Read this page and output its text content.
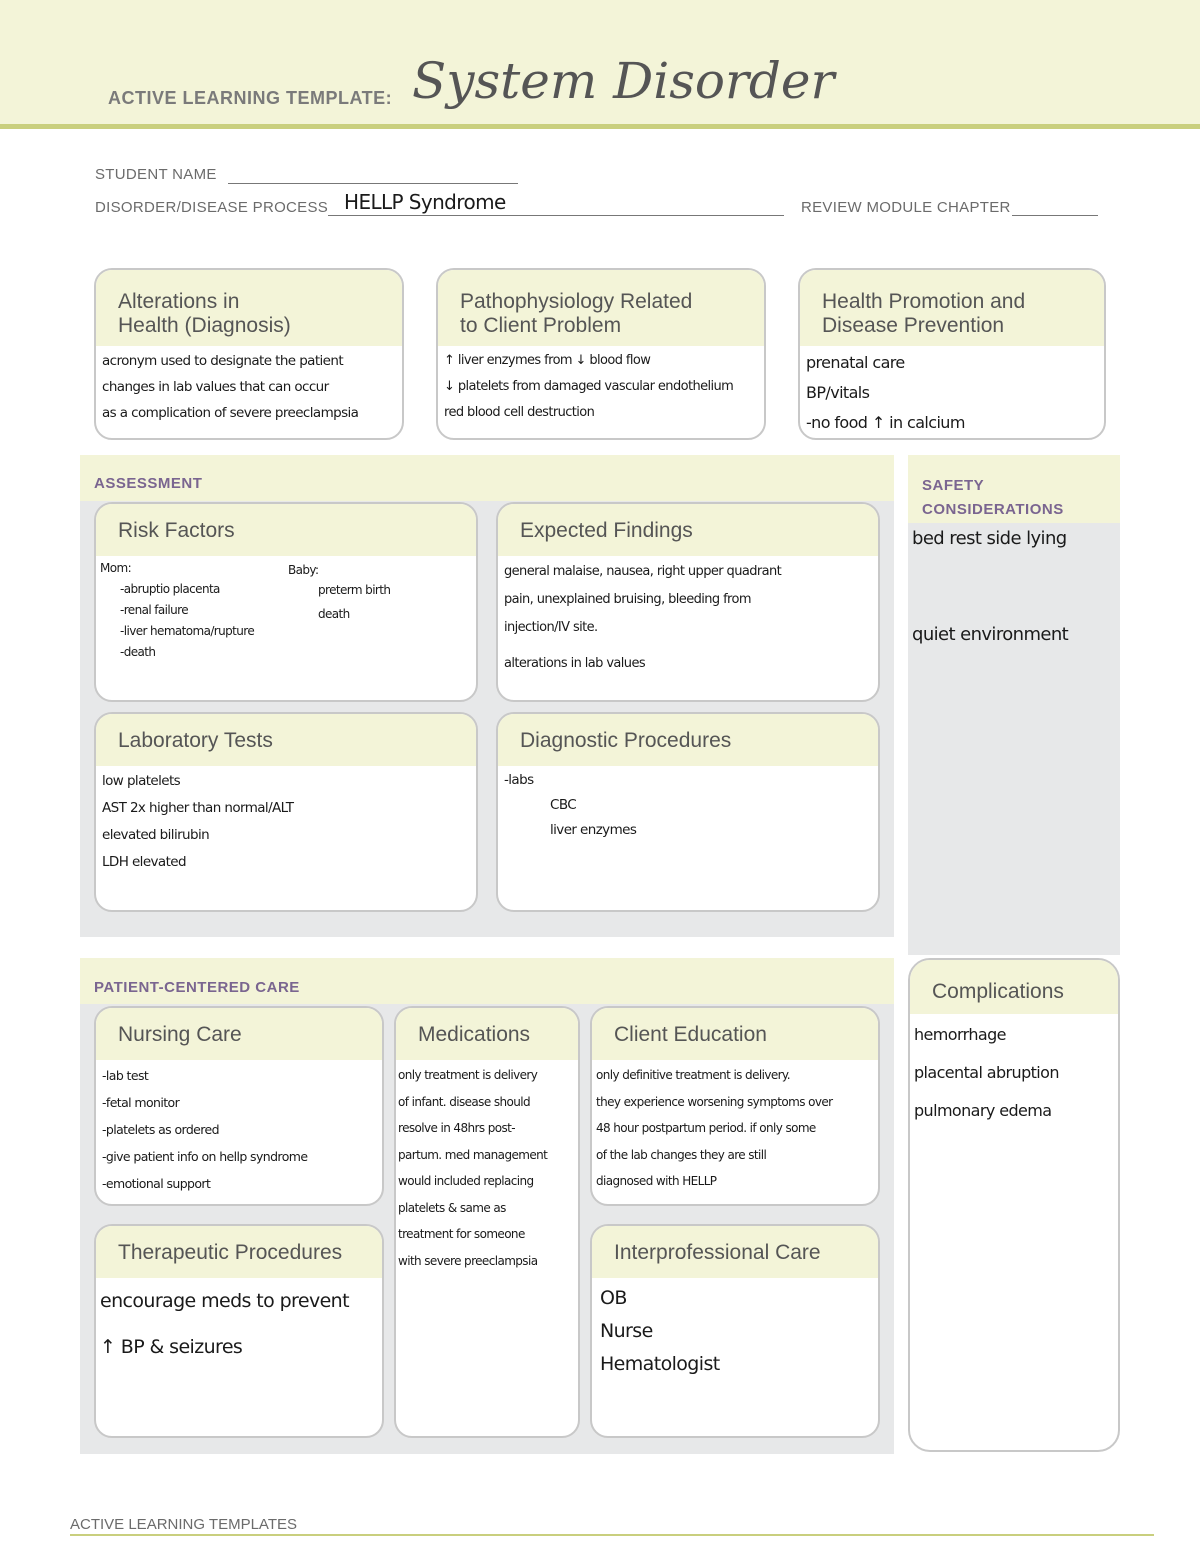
ACTIVE LEARNING TEMPLATE: System Disorder
STUDENT NAME
DISORDER/DISEASE PROCESS HELLP Syndrome	REVIEW MODULE CHAPTER
Alterations in
Health (Diagnosis)
acronym used to designate the patient
changes in lab values that can occur
as a complication of severe preeclampsia
Pathophysiology Related
to Client Problem
↑ liver enzymes from ↓ blood flow
↓ platelets from damaged vascular endothelium
red blood cell destruction
Health Promotion and
Disease Prevention
prenatal care
BP/vitals
-no food ↑ in calcium
ASSESSMENT
Risk Factors
Mom:
-abruptio placenta
-renal failure
-liver hematoma/rupture
-death
Baby:
preterm birth
death
Expected Findings
general malaise, nausea, right upper quadrant
pain, unexplained bruising, bleeding from
injection/IV site.
alterations in lab values
Laboratory Tests
low platelets
AST 2x higher than normal/ALT
elevated bilirubin
LDH elevated
Diagnostic Procedures
-labs
CBC
liver enzymes
SAFETY
CONSIDERATIONS
bed rest side lying
quiet environment
PATIENT-CENTERED CARE
Nursing Care
-lab test
-fetal monitor
-platelets as ordered
-give patient info on hellp syndrome
-emotional support
Medications
only treatment is delivery
of infant. disease should
resolve in 48hrs post-
partum. med management
would included replacing
platelets & same as
treatment for someone
with severe preeclampsia
Client Education
only definitive treatment is delivery.
they experience worsening symptoms over
48 hour postpartum period. if only some
of the lab changes they are still
diagnosed with HELLP
Therapeutic Procedures
encourage meds to prevent
↑ BP & seizures
Interprofessional Care
OB
Nurse
Hematologist
Complications
hemorrhage
placental abruption
pulmonary edema
ACTIVE LEARNING TEMPLATES
